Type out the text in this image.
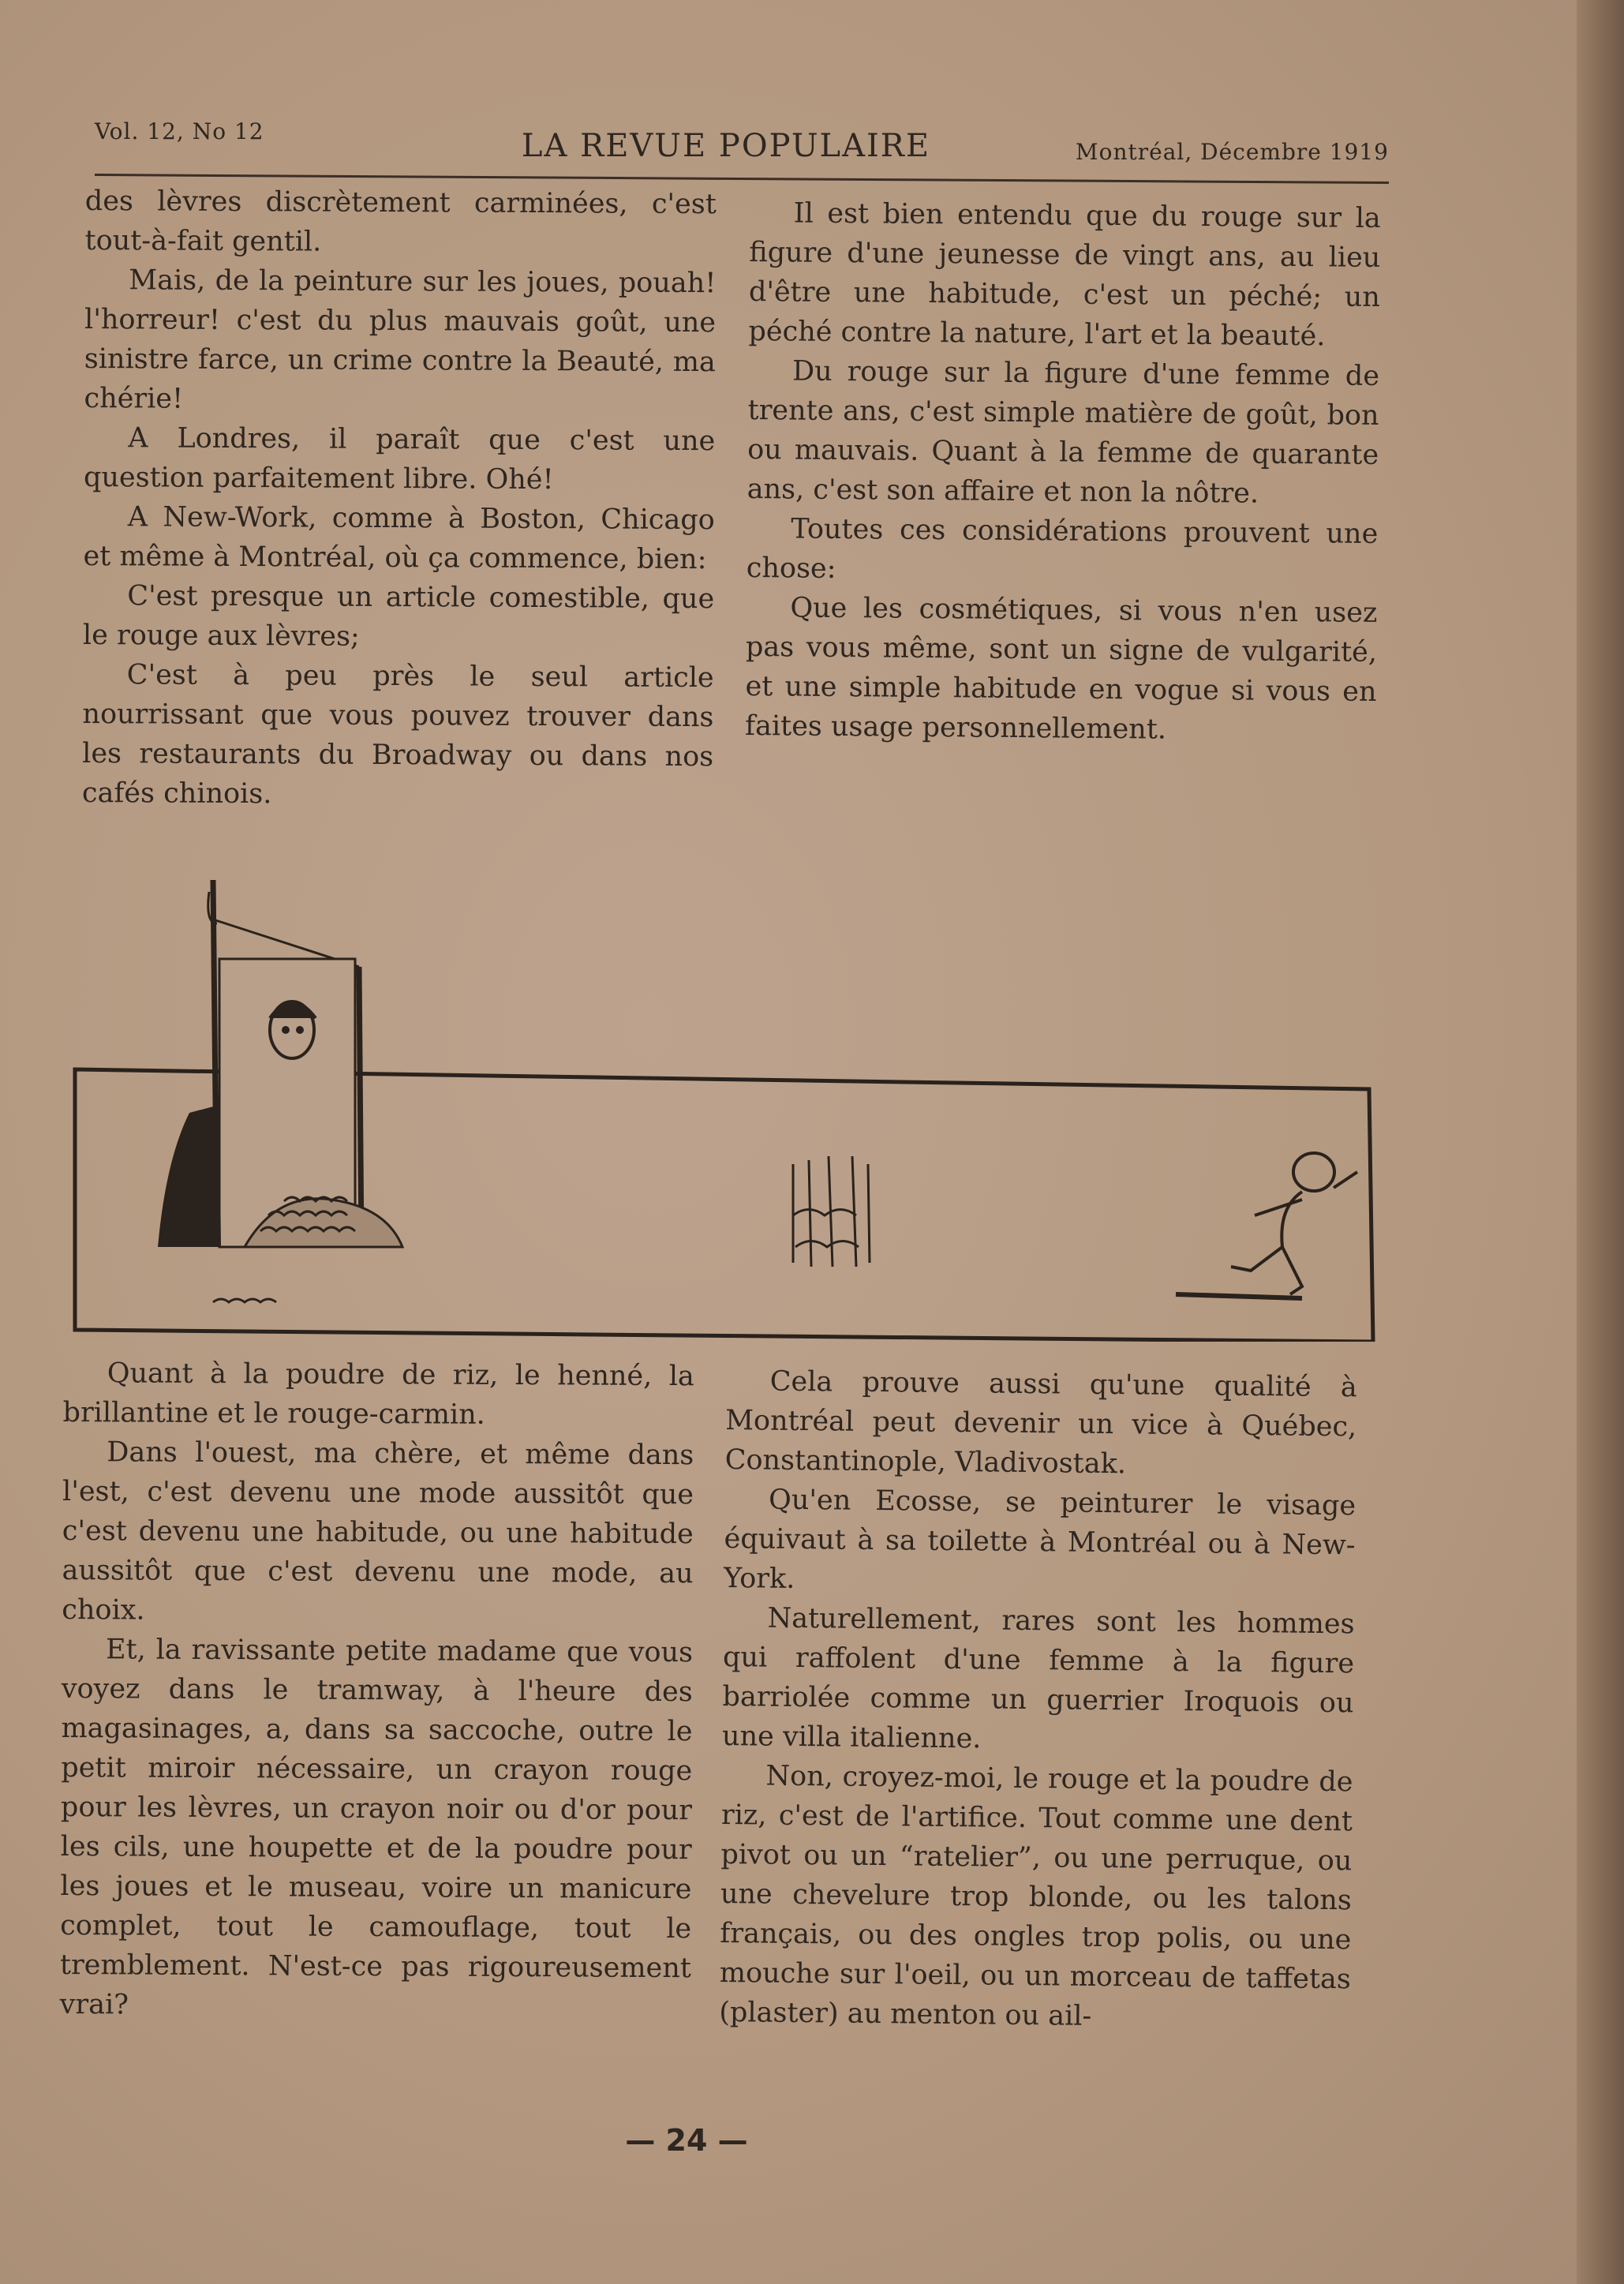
Vol. 12, No 12	LA REVUE POPULAIRE	Montréal, Décembre 1919

des lèvres discrètement carminées, c'est tout-à-fait gentil.

Mais, de la peinture sur les joues, pouah! l'horreur! c'est du plus mauvais goût, une sinistre farce, un crime contre la Beauté, ma chérie!

A Londres, il paraît que c'est une question parfaitement libre. Ohé!

A New-Work, comme à Boston, Chicago et même à Montréal, où ça commence, bien:

C'est presque un article comestible, que le rouge aux lèvres;

C'est à peu près le seul article nourrissant que vous pouvez trouver dans les restaurants du Broadway ou dans nos cafés chinois.

Il est bien entendu que du rouge sur la figure d'une jeunesse de vingt ans, au lieu d'être une habitude, c'est un péché; un péché contre la nature, l'art et la beauté.

Du rouge sur la figure d'une femme de trente ans, c'est simple matière de goût, bon ou mauvais. Quant à la femme de quarante ans, c'est son affaire et non la nôtre.

Toutes ces considérations prouvent une chose:

Que les cosmétiques, si vous n'en usez pas vous même, sont un signe de vulgarité, et une simple habitude en vogue si vous en faites usage personnellement.

Quant à la poudre de riz, le henné, la brillantine et le rouge-carmin.

Dans l'ouest, ma chère, et même dans l'est, c'est devenu une mode aussitôt que c'est devenu une habitude, ou une habitude aussitôt que c'est devenu une mode, au choix.

Et, la ravissante petite madame que vous voyez dans le tramway, à l'heure des magasinages, a, dans sa saccoche, outre le petit miroir nécessaire, un crayon rouge pour les lèvres, un crayon noir ou d'or pour les cils, une houpette et de la poudre pour les joues et le museau, voire un manicure complet, tout le camouflage, tout le tremblement. N'est-ce pas rigoureusement vrai?

Cela prouve aussi qu'une qualité à Montréal peut devenir un vice à Québec, Constantinople, Vladivostak.

Qu'en Ecosse, se peinturer le visage équivaut à sa toilette à Montréal ou à New-York.

Naturellement, rares sont les hommes qui raffolent d'une femme à la figure barriolée comme un guerrier Iroquois ou une villa italienne.

Non, croyez-moi, le rouge et la poudre de riz, c'est de l'artifice. Tout comme une dent pivot ou un “ratelier”, ou une perruque, ou une chevelure trop blonde, ou les talons français, ou des ongles trop polis, ou une mouche sur l'oeil, ou un morceau de taffetas (plaster) au menton ou ail-

— 24 —
